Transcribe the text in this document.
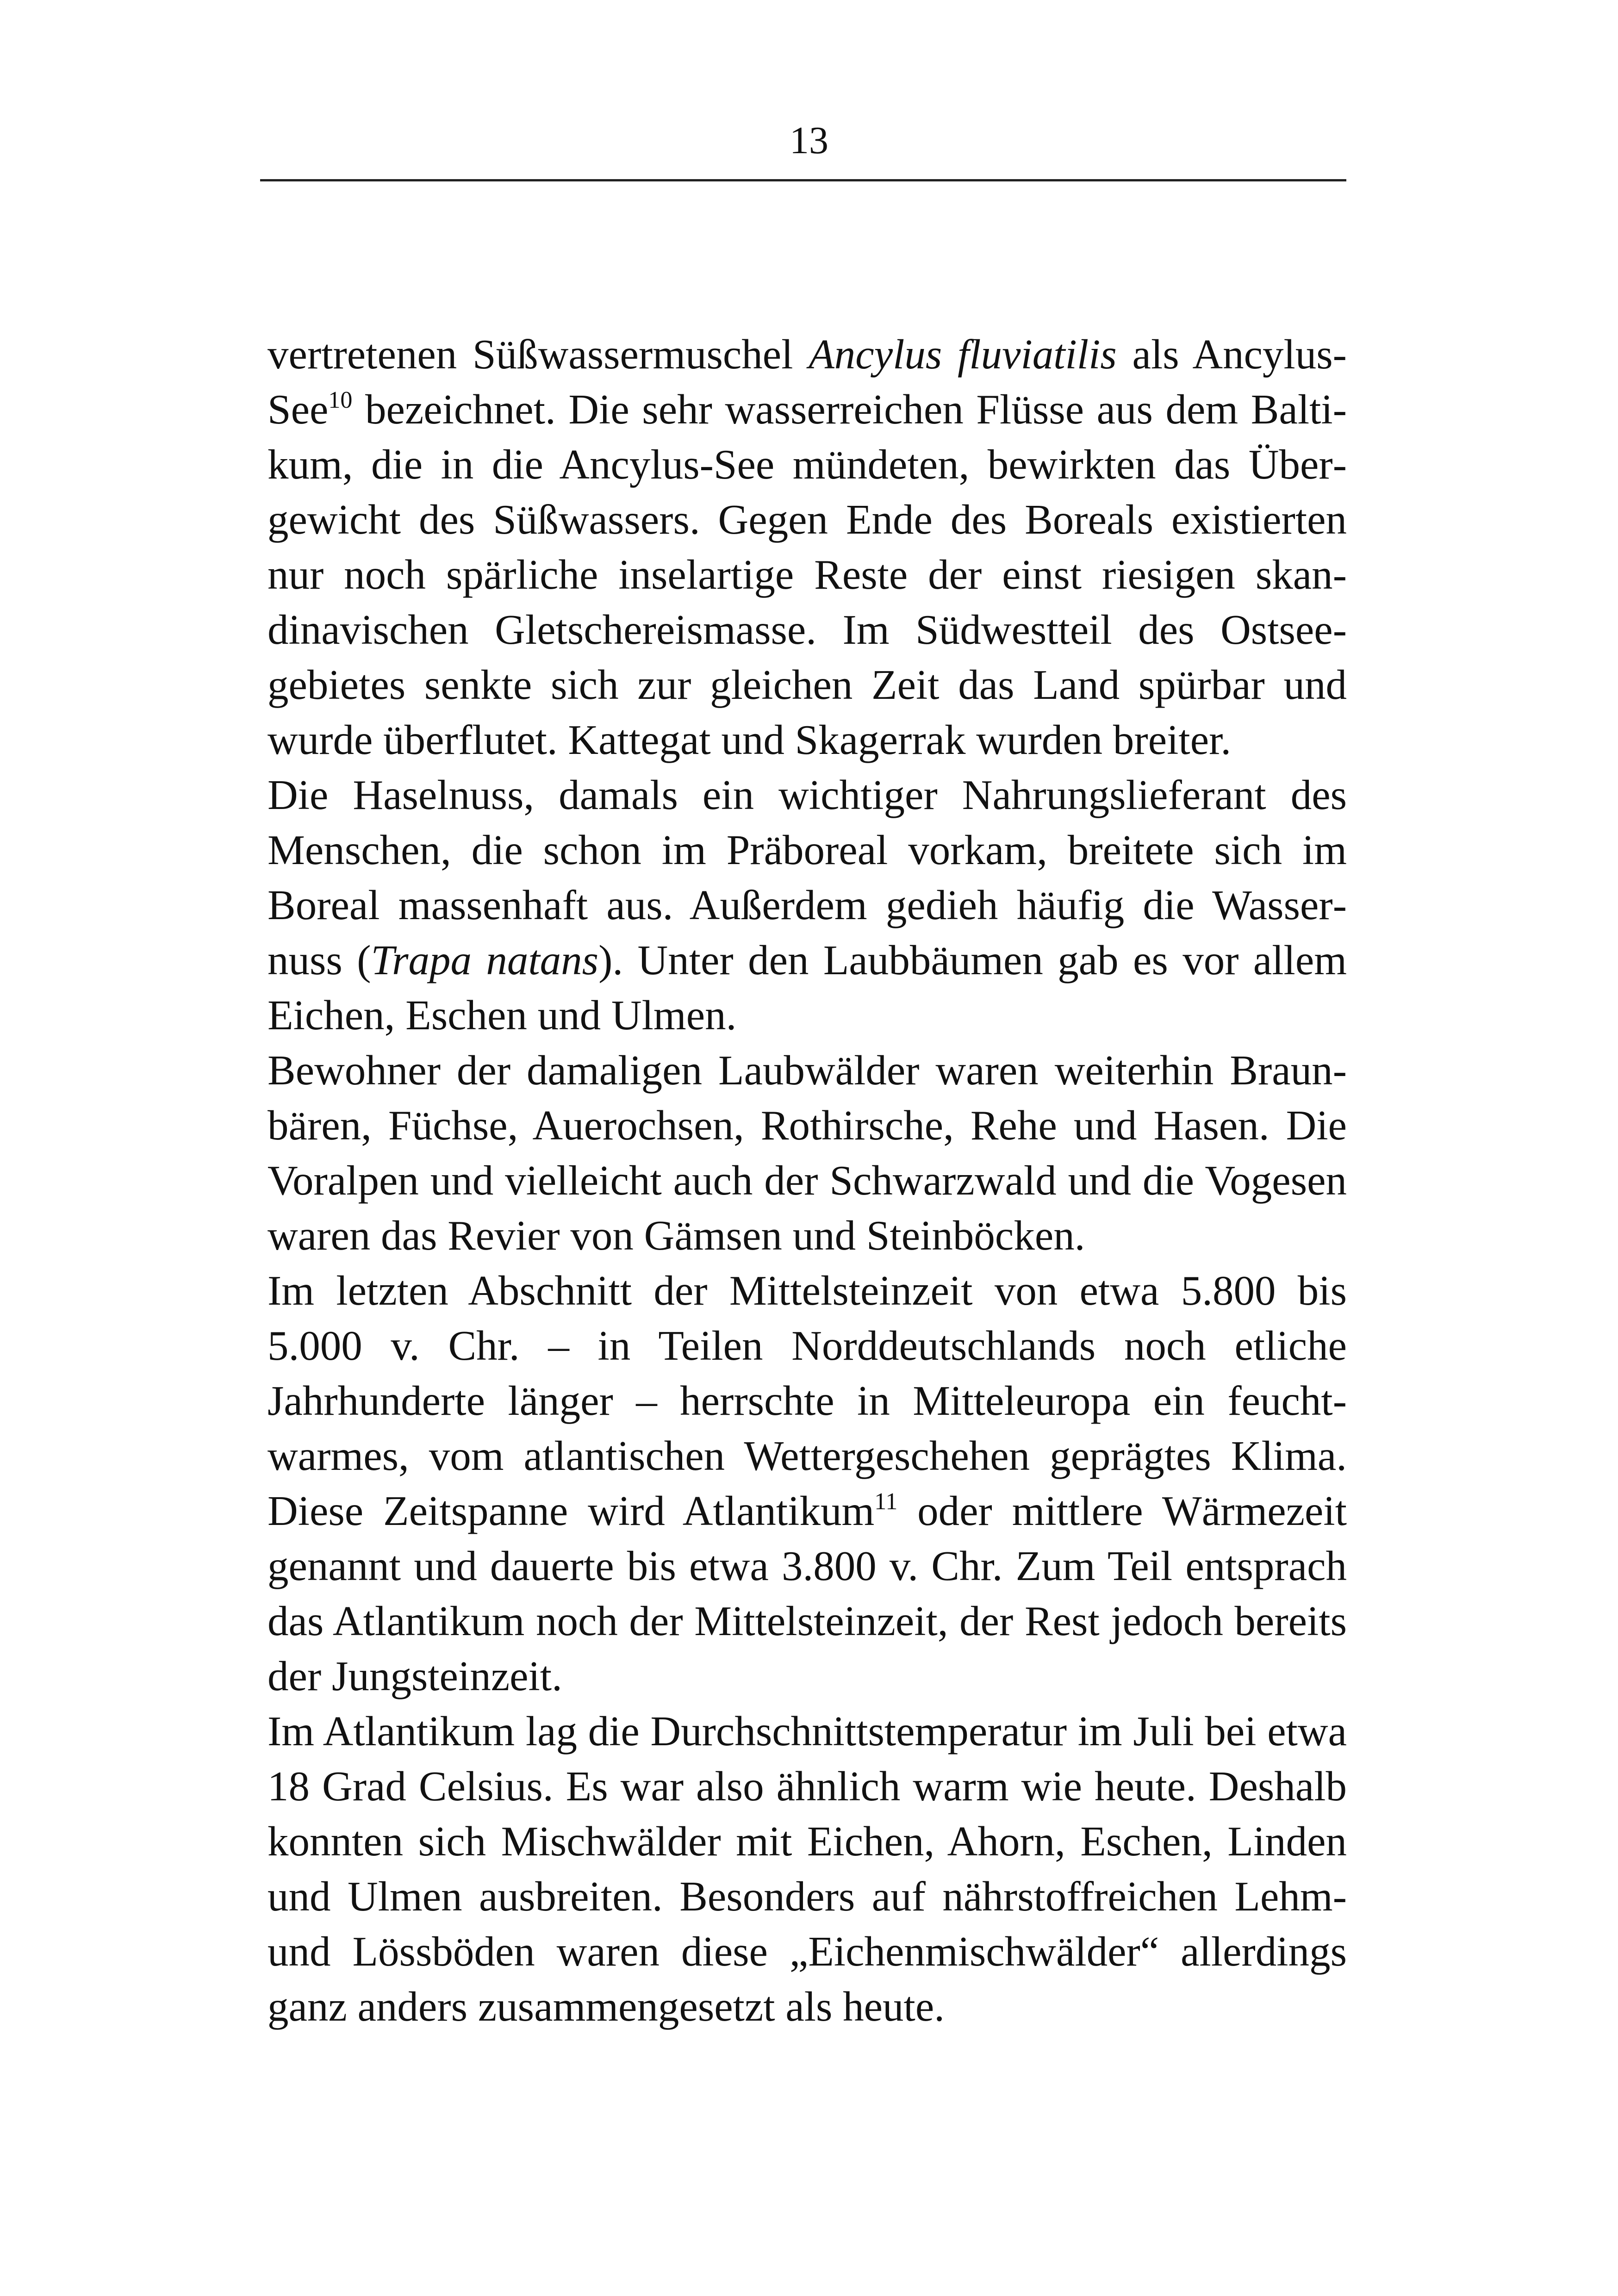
13

vertretenen Süßwassermuschel Ancylus fluviatilis als Ancylus-See$^{10}$ bezeichnet. Die sehr wasserreichen Flüsse aus dem Baltikum, die in die Ancylus-See mündeten, bewirkten das Übergewicht des Süßwassers. Gegen Ende des Boreals existierten nur noch spärliche inselartige Reste der einst riesigen skandinavischen Gletschereismasse. Im Südwestteil des Ostseegebietes senkte sich zur gleichen Zeit das Land spürbar und wurde überflutet. Kattegat und Skagerrak wurden breiter.

Die Haselnuss, damals ein wichtiger Nahrungslieferant des Menschen, die schon im Präboreal vorkam, breitete sich im Boreal massenhaft aus. Außerdem gedieh häufig die Wassernuss (Trapa natans). Unter den Laubbäumen gab es vor allem Eichen, Eschen und Ulmen.

Bewohner der damaligen Laubwälder waren weiterhin Braunbären, Füchse, Auerochsen, Rothirsche, Rehe und Hasen. Die Voralpen und vielleicht auch der Schwarzwald und die Vogesen waren das Revier von Gämsen und Steinböcken.

Im letzten Abschnitt der Mittelsteinzeit von etwa 5.800 bis 5.000 v. Chr. – in Teilen Norddeutschlands noch etliche Jahrhunderte länger – herrschte in Mitteleuropa ein feuchtwarmes, vom atlantischen Wettergeschehen geprägtes Klima. Diese Zeitspanne wird Atlantikum$^{11}$ oder mittlere Wärmezeit genannt und dauerte bis etwa 3.800 v. Chr. Zum Teil entsprach das Atlantikum noch der Mittelsteinzeit, der Rest jedoch bereits der Jungsteinzeit.

Im Atlantikum lag die Durchschnittstemperatur im Juli bei etwa 18 Grad Celsius. Es war also ähnlich warm wie heute. Deshalb konnten sich Mischwälder mit Eichen, Ahorn, Eschen, Linden und Ulmen ausbreiten. Besonders auf nährstoffreichen Lehm- und Lössböden waren diese „Eichenmischwälder“ allerdings ganz anders zusammengesetzt als heute.
